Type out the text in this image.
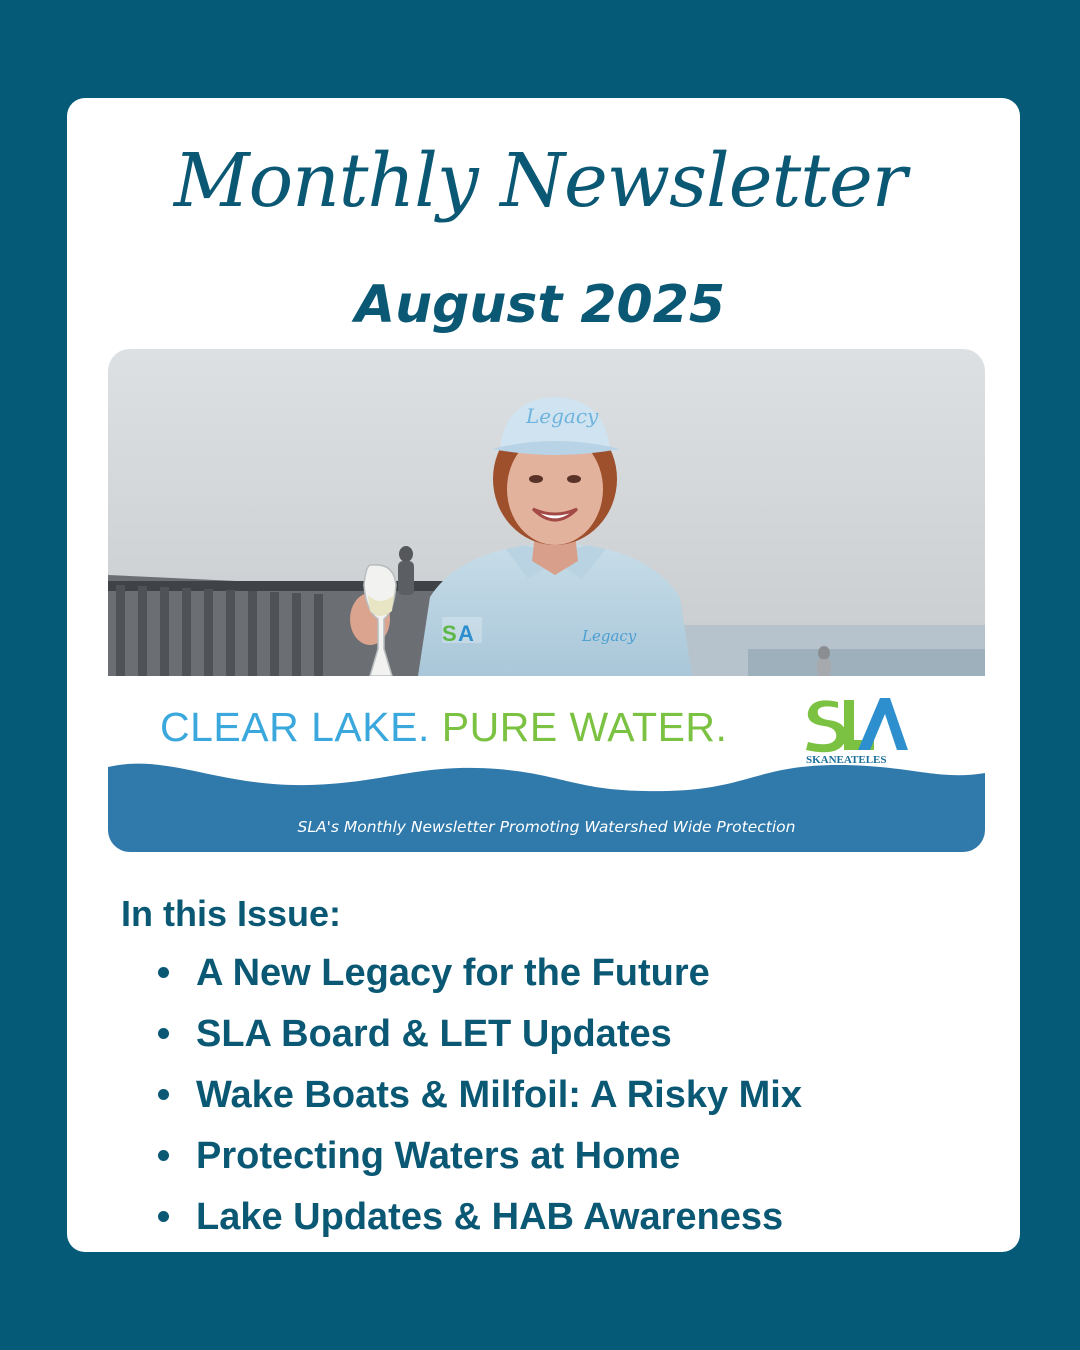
Monthly Newsletter
August 2025
Legacy
Legacy
S A
CLEAR LAKE. PURE WATER.
SKANEATELES
SLA's Monthly Newsletter Promoting Watershed Wide Protection
In this Issue:
A New Legacy for the Future
SLA Board & LET Updates
Wake Boats & Milfoil: A Risky Mix
Protecting Waters at Home
Lake Updates & HAB Awareness
